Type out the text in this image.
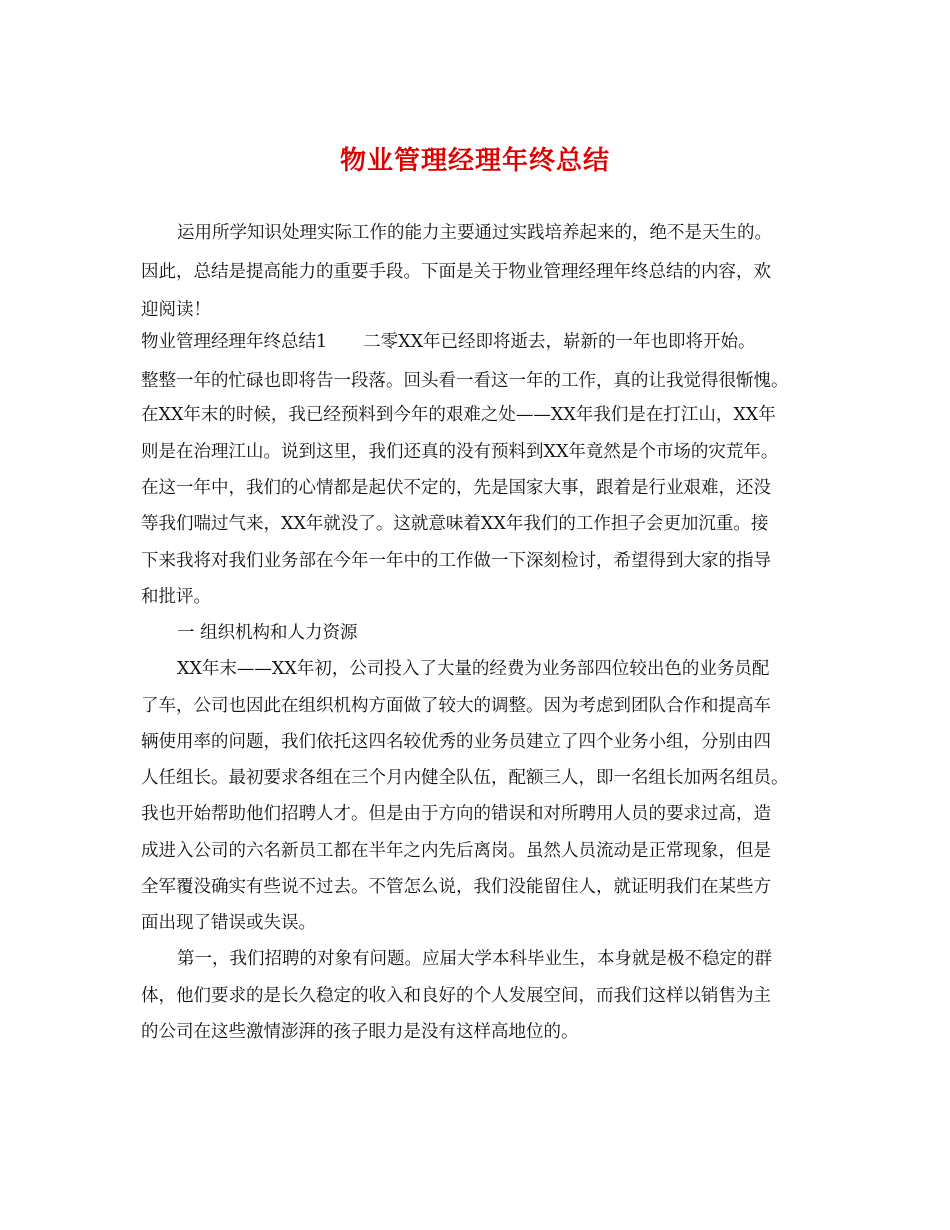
物业管理经理年终总结
运用所学知识处理实际工作的能力主要通过实践培养起来的，绝不是天生的。
因此，总结是提高能力的重要手段。下面是关于物业管理经理年终总结的内容，欢
迎阅读！
物业管理经理年终总结1 二零XX年已经即将逝去，崭新的一年也即将开始。
整整一年的忙碌也即将告一段落。回头看一看这一年的工作，真的让我觉得很惭愧。
在XX年末的时候，我已经预料到今年的艰难之处——XX年我们是在打江山，XX年
则是在治理江山。说到这里，我们还真的没有预料到XX年竟然是个市场的灾荒年。
在这一年中，我们的心情都是起伏不定的，先是国家大事，跟着是行业艰难，还没
等我们喘过气来，XX年就没了。这就意味着XX年我们的工作担子会更加沉重。接
下来我将对我们业务部在今年一年中的工作做一下深刻检讨，希望得到大家的指导
和批评。
一 组织机构和人力资源
XX年末——XX年初，公司投入了大量的经费为业务部四位较出色的业务员配
了车，公司也因此在组织机构方面做了较大的调整。因为考虑到团队合作和提高车
辆使用率的问题，我们依托这四名较优秀的业务员建立了四个业务小组，分别由四
人任组长。最初要求各组在三个月内健全队伍，配额三人，即一名组长加两名组员。
我也开始帮助他们招聘人才。但是由于方向的错误和对所聘用人员的要求过高，造
成进入公司的六名新员工都在半年之内先后离岗。虽然人员流动是正常现象，但是
全军覆没确实有些说不过去。不管怎么说，我们没能留住人，就证明我们在某些方
面出现了错误或失误。
第一，我们招聘的对象有问题。应届大学本科毕业生，本身就是极不稳定的群
体，他们要求的是长久稳定的收入和良好的个人发展空间，而我们这样以销售为主
的公司在这些激情澎湃的孩子眼力是没有这样高地位的。
